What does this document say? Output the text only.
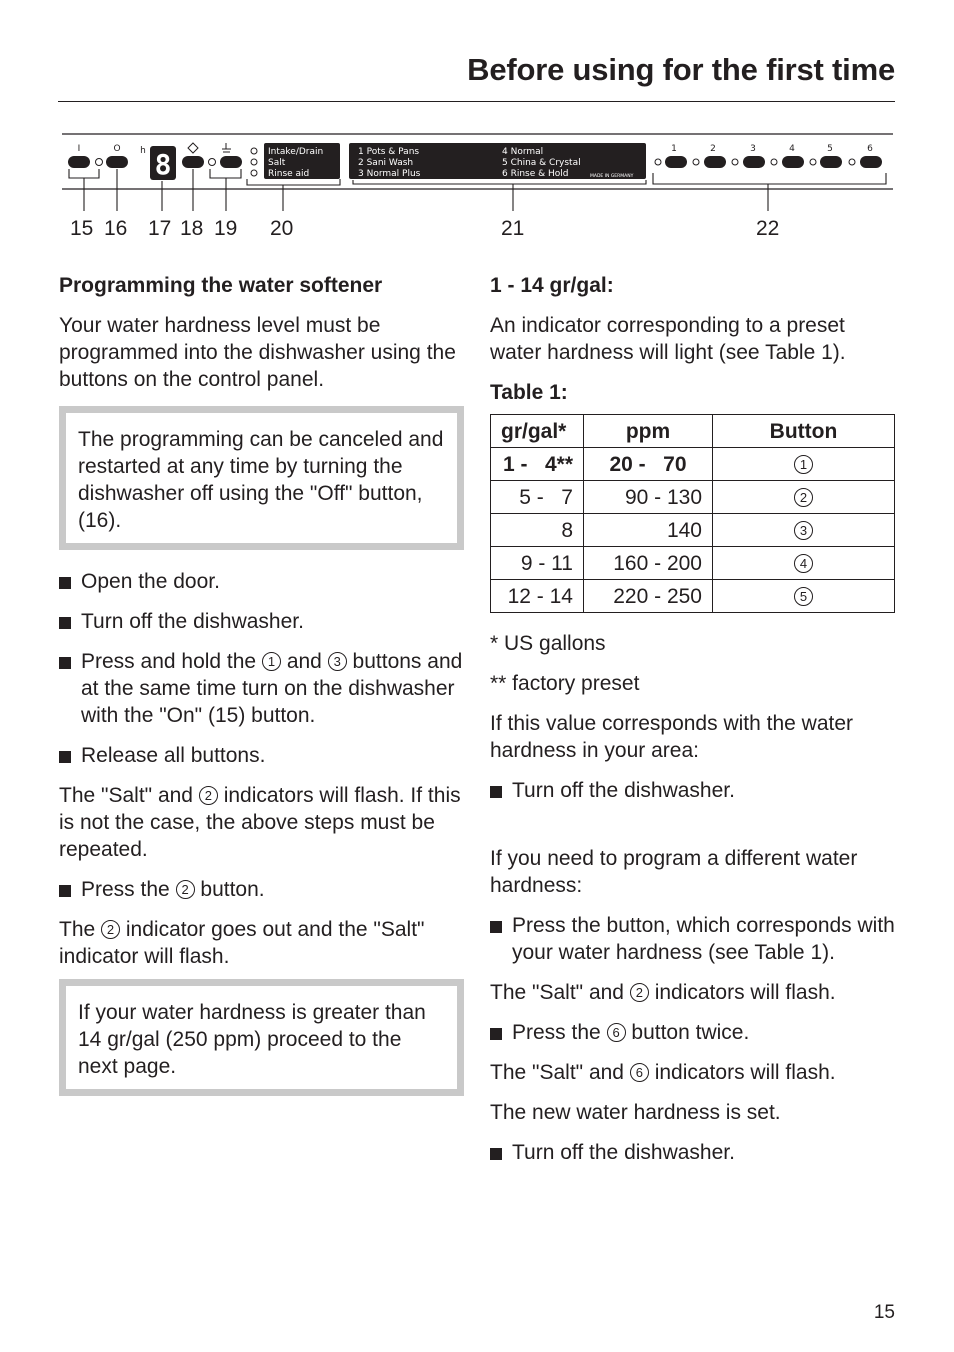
Before using for the first time
I	O h	1	2	3	4	5	6
8	Intake/Drain
Salt
Rinse aid
1 Pots & Pans
2 Sani Wash
3 Normal Plus
4 Normal
5 China & Crystal
6 Rinse & Hold	MADE IN GERMANY
15 16 17 18 19 20	21	22

Programming the water softener

Your water hardness level must be programmed into the dishwasher using the buttons on the control panel.

The programming can be canceled and restarted at any time by turning the dishwasher off using the "Off" button, (16).

Open the door.

Turn off the dishwasher.

Press and hold the 1 and 3 buttons and at the same time turn on the dishwasher with the "On" (15) button.

Release all buttons.

The "Salt" and 2 indicators will flash. If this is not the case, the above steps must be repeated.

Press the 2 button.

The 2 indicator goes out and the "Salt" indicator will flash.

If your water hardness is greater than 14 gr/gal (250 ppm) proceed to the next page.

1 - 14 gr/gal:

An indicator corresponding to a preset water hardness will light (see Table 1).

Table 1:

gr/gal*	ppm	Button
1 -   4**	20 -   70	1
5 -   7	90 - 130	2
8	140	3
9 - 11	160 - 200	4
12 - 14	220 - 250	5

* US gallons

** factory preset

If this value corresponds with the water hardness in your area:

Turn off the dishwasher.

If you need to program a different water hardness:

Press the button, which corresponds with your water hardness (see Table 1).

The "Salt" and 2 indicators will flash.

Press the 6 button twice.

The "Salt" and 6 indicators will flash.

The new water hardness is set.

Turn off the dishwasher.

15
